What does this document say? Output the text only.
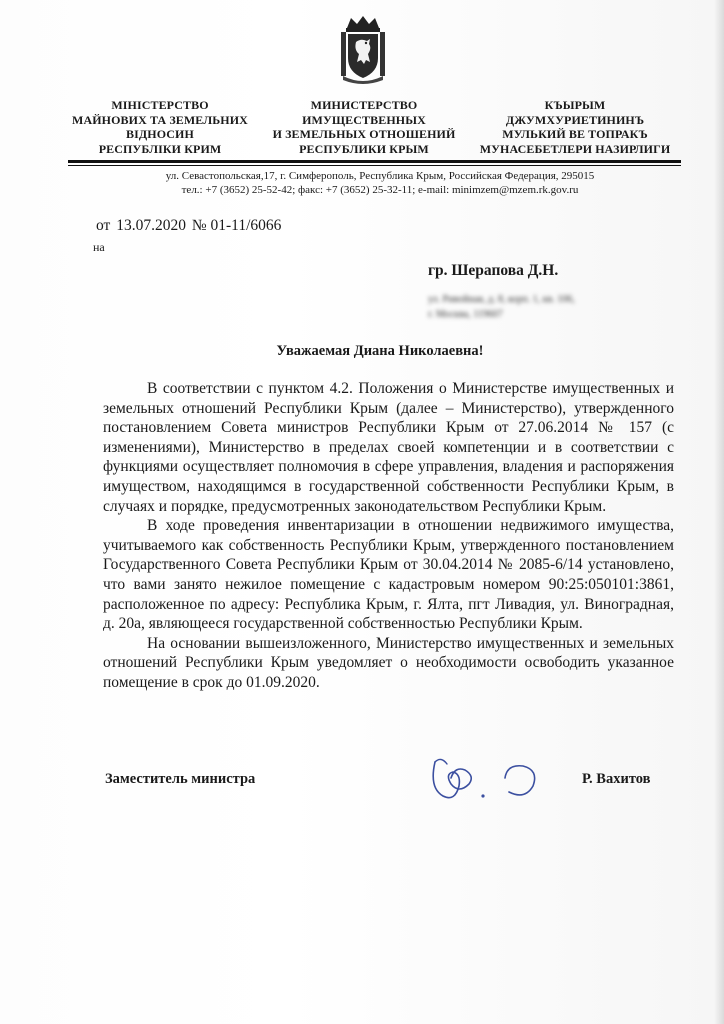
МІНІСТЕРСТВО
МАЙНОВИХ ТА ЗЕМЕЛЬНИХ
ВІДНОСИН
РЕСПУБЛІКИ КРИМ
МИНИСТЕРСТВО
ИМУЩЕСТВЕННЫХ
И ЗЕМЕЛЬНЫХ ОТНОШЕНИЙ
РЕСПУБЛИКИ КРЫМ
КЪЫРЫМ
ДЖУМХУРИЕТИНИНЪ
МУЛЬКИЙ ВЕ ТОПРАКЪ
МУНАСЕБЕТЛЕРИ НАЗИРЛИГИ
ул. Севастопольская,17, г. Симферополь, Республика Крым, Российская Федерация, 295015
тел.: +7 (3652) 25-52-42; факс: +7 (3652) 25-32-11; e-mail: minimzem@mzem.rk.gov.ru
от 13.07.2020 № 01-11/6066
на
гр. Шерапова Д.Н.
ул. Ривойная, д. 8, корп. 1, кв. 106,
г. Москва, 119607
Уважаемая Диана Николаевна!

В соответствии с пунктом 4.2. Положения о Министерстве имущественных и земельных отношений Республики Крым (далее – Министерство), утвержденного постановлением Совета министров Республики Крым от 27.06.2014 № 157 (с изменениями), Министерство в пределах своей компетенции и в соответствии с функциями осуществляет полномочия в сфере управления, владения и распоряжения имуществом, находящимся в государственной собственности Республики Крым, в случаях и порядке, предусмотренных законодательством Республики Крым.

В ходе проведения инвентаризации в отношении недвижимого имущества, учитываемого как собственность Республики Крым, утвержденного постановлением Государственного Совета Республики Крым от 30.04.2014 № 2085-6/14 установлено, что вами занято нежилое помещение с кадастровым номером 90:25:050101:3861, расположенное по адресу: Республика Крым, г. Ялта, пгт Ливадия, ул. Виноградная, д. 20а, являющееся государственной собственностью Республики Крым.

На основании вышеизложенного, Министерство имущественных и земельных отношений Республики Крым уведомляет о необходимости освободить указанное помещение в срок до 01.09.2020.

Заместитель министра	Р. Вахитов
